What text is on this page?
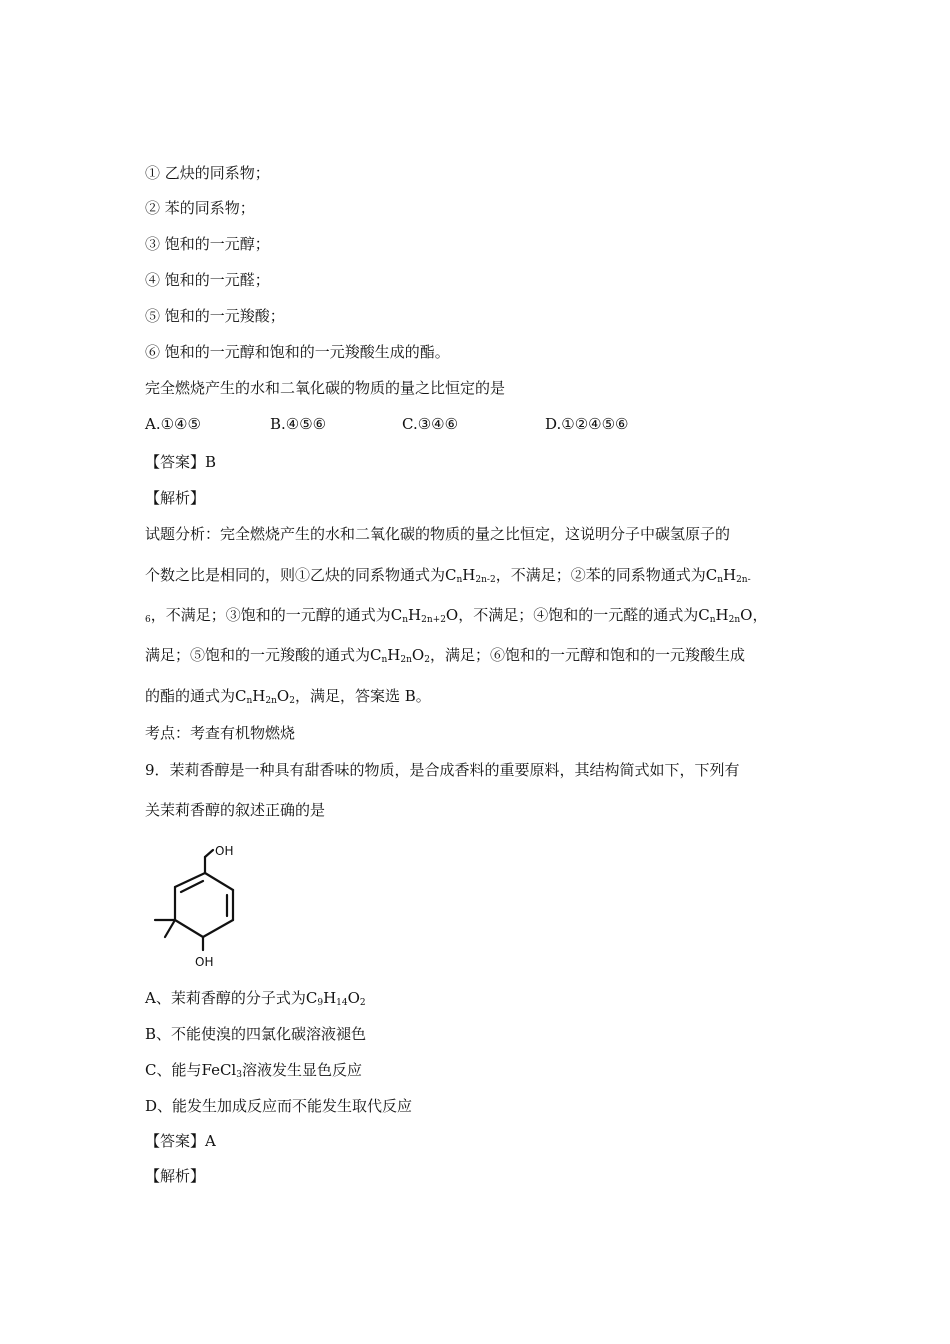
① 乙炔的同系物；
② 苯的同系物；
③ 饱和的一元醇；
④ 饱和的一元醛；
⑤ 饱和的一元羧酸；
⑥ 饱和的一元醇和饱和的一元羧酸生成的酯。
完全燃烧产生的水和二氧化碳的物质的量之比恒定的是
A.①④⑤	B.④⑤⑥	C.③④⑥	D.①②④⑤⑥
【答案】B
【解析】
试题分析：完全燃烧产生的水和二氧化碳的物质的量之比恒定，这说明分子中碳氢原子的
个数之比是相同的，则①乙炔的同系物通式为$C_nH_{2n-2}$，不满足；②苯的同系物通式为$C_nH_{2n-}$
$_6$，不满足；③饱和的一元醇的通式为$C_nH_{2n+2}O$，不满足；④饱和的一元醛的通式为$C_nH_{2n}O$，
满足；⑤饱和的一元羧酸的通式为$C_nH_{2n}O_2$，满足；⑥饱和的一元醇和饱和的一元羧酸生成
的酯的通式为$C_nH_{2n}O_2$，满足，答案选 B。
考点：考查有机物燃烧
9．茉莉香醇是一种具有甜香味的物质，是合成香料的重要原料，其结构简式如下，下列有
关茉莉香醇的叙述正确的是
OH
OH
A、茉莉香醇的分子式为$C_9H_{14}O_2$
B、不能使溴的四氯化碳溶液褪色
C、能与FeCl$_3$溶液发生显色反应
D、能发生加成反应而不能发生取代反应
【答案】A
【解析】
